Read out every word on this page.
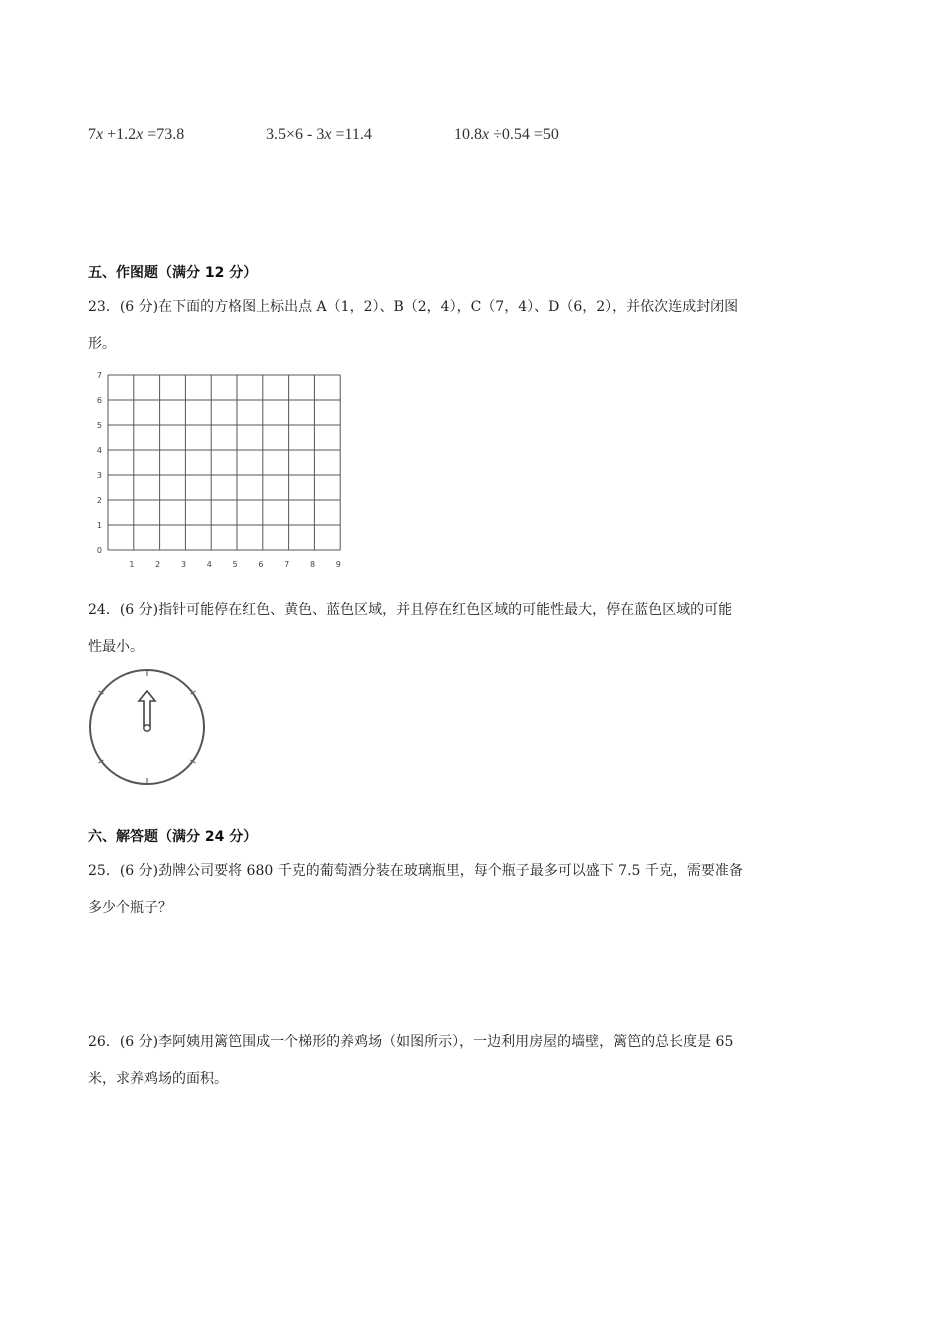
7x +1.2x =73.8	3.5×6 - 3x =11.4	10.8x ÷0.54 =50
五、作图题（满分 12 分）
23．(6 分)在下面的方格图上标出点 A（1，2）、B（2，4），C（7，4）、D（6，2），并依次连成封闭图
形。
0
1
2
3
4
5
6
7
1	2	3	4	5	6	7	8	9
24．(6 分)指针可能停在红色、黄色、蓝色区域，并且停在红色区域的可能性最大，停在蓝色区域的可能
性最小。
六、解答题（满分 24 分）
25．(6 分)劲牌公司要将 680 千克的葡萄酒分装在玻璃瓶里，每个瓶子最多可以盛下 7.5 千克，需要准备
多少个瓶子？
26．(6 分)李阿姨用篱笆围成一个梯形的养鸡场（如图所示），一边利用房屋的墙壁，篱笆的总长度是 65
米，求养鸡场的面积。
